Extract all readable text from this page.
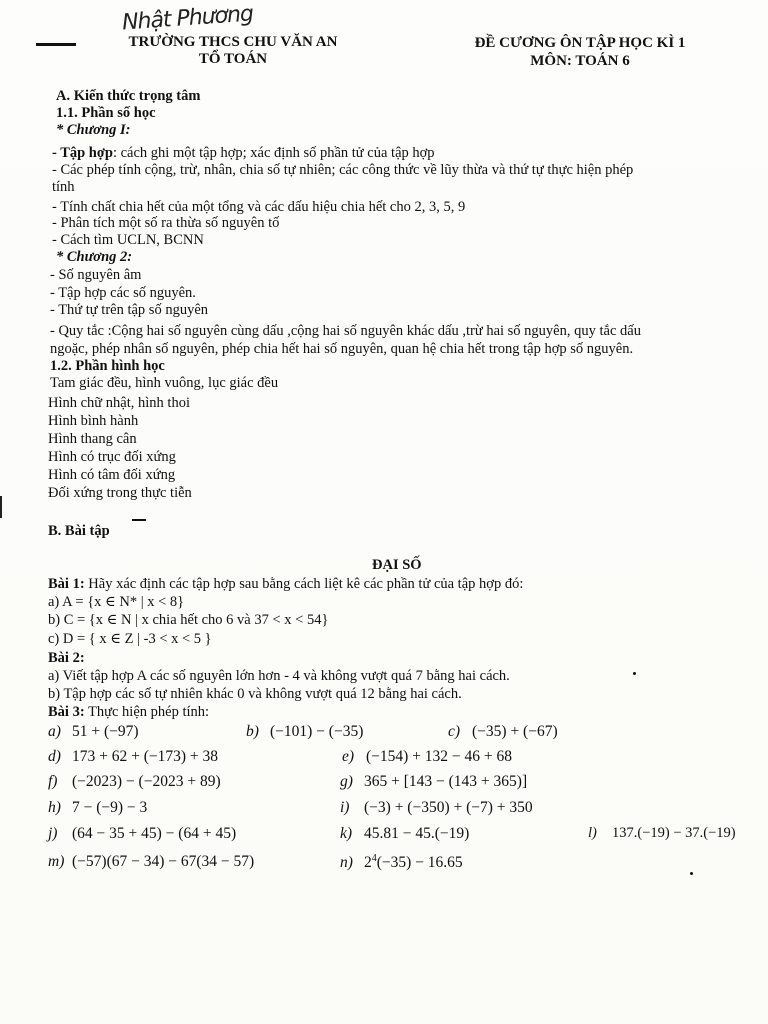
Nhật Phương
TRƯỜNG THCS CHU VĂN AN
TỔ TOÁN
ĐỀ CƯƠNG ÔN TẬP HỌC KÌ 1
MÔN: TOÁN 6
A. Kiến thức trọng tâm
1.1. Phần số học
* Chương I:
- Tập hợp: cách ghi một tập hợp; xác định số phần tử của tập hợp
- Các phép tính cộng, trừ, nhân, chia số tự nhiên; các công thức về lũy thừa và thứ tự thực hiện phép
tính
- Tính chất chia hết của một tổng và các dấu hiệu chia hết cho 2, 3, 5, 9
- Phân tích một số ra thừa số nguyên tố
- Cách tìm UCLN, BCNN
* Chương 2:
- Số nguyên âm
- Tập hợp các số nguyên.
- Thứ tự trên tập số nguyên
- Quy tắc :Cộng hai số nguyên cùng dấu ,cộng hai số nguyên khác dấu ,trừ hai số nguyên, quy tắc dấu
ngoặc, phép nhân số nguyên, phép chia hết hai số nguyên, quan hệ chia hết trong tập hợp số nguyên.
1.2. Phần hình học
Tam giác đều, hình vuông, lục giác đều
Hình chữ nhật, hình thoi
Hình bình hành
Hình thang cân
Hình có trục đối xứng
Hình có tâm đối xứng
Đối xứng trong thực tiễn
B. Bài tập
ĐẠI SỐ
Bài 1: Hãy xác định các tập hợp sau bằng cách liệt kê các phần tử của tập hợp đó:
a) A = {x ∈ N* | x < 8}
b) C = {x ∈ N | x chia hết cho 6 và 37 < x < 54}
c) D = { x ∈ Z | -3 < x < 5 }
Bài 2:
a) Viết tập hợp A các số nguyên lớn hơn - 4 và không vượt quá 7 bằng hai cách.
b) Tập hợp các số tự nhiên khác 0 và không vượt quá 12 bằng hai cách.
Bài 3: Thực hiện phép tính:
a) 51 + (−97)	b) (−101) − (−35)	c) (−35) + (−67)
d) 173 + 62 + (−173) + 38	e) (−154) + 132 − 46 + 68
f) (−2023) − (−2023 + 89)	g) 365 + [143 − (143 + 365)]
h) 7 − (−9) − 3	i) (−3) + (−350) + (−7) + 350
j) (64 − 35 + 45) − (64 + 45)	k) 45.81 − 45.(−19)	l) 137.(−19) − 37.(−19)
m) (−57)(67 − 34) − 67(34 − 57)	n) $2^4(-35) - 16.65$
